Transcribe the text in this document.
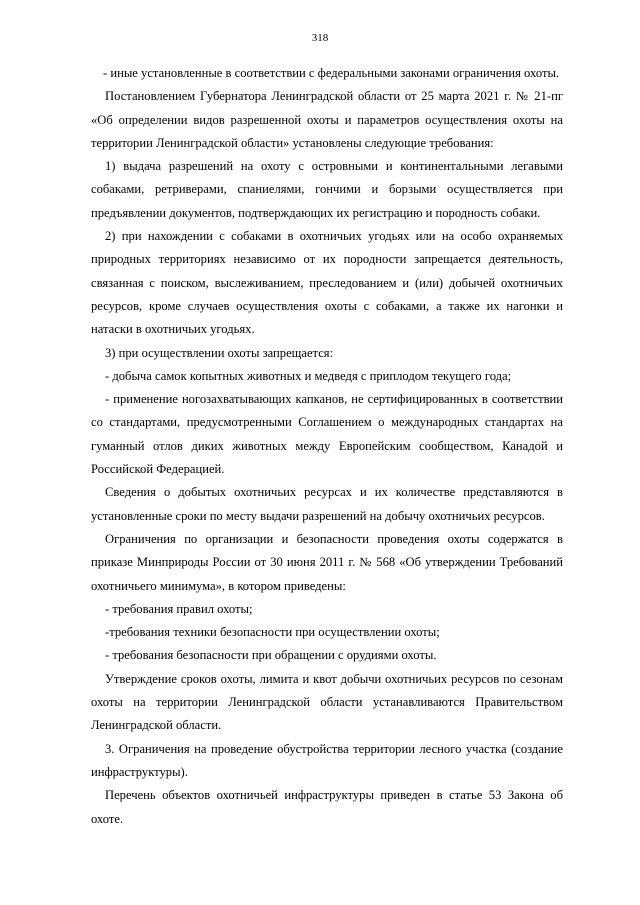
318

- иные установленные в соответствии с федеральными законами ограничения охоты.

Постановлением Губернатора Ленинградской области от 25 марта 2021 г. № 21-пг «Об определении видов разрешенной охоты и параметров осуществления охоты на территории Ленинградской области» установлены следующие требования:

1) выдача разрешений на охоту с островными и континентальными легавыми собаками, ретриверами, спаниелями, гончими и борзыми осуществляется при предъявлении документов, подтверждающих их регистрацию и породность собаки.

2) при нахождении с собаками в охотничьих угодьях или на особо охраняемых природных территориях независимо от их породности запрещается деятельность, связанная с поиском, выслеживанием, преследованием и (или) добычей охотничьих ресурсов, кроме случаев осуществления охоты с собаками, а также их нагонки и натаски в охотничьих угодьях.

3) при осуществлении охоты запрещается:

- добыча самок копытных животных и медведя с приплодом текущего года;

- применение ногозахватывающих капканов, не сертифицированных в соответствии со стандартами, предусмотренными Соглашением о международных стандартах на гуманный отлов диких животных между Европейским сообществом, Канадой и Российской Федерацией.

Сведения о добытых охотничьих ресурсах и их количестве представляются в установленные сроки по месту выдачи разрешений на добычу охотничьих ресурсов.

Ограничения по организации и безопасности проведения охоты содержатся в приказе Минприроды России от 30 июня 2011 г. № 568 «Об утверждении Требований охотничьего минимума», в котором приведены:

- требования правил охоты;

-требования техники безопасности при осуществлении охоты;

- требования безопасности при обращении с орудиями охоты.

Утверждение сроков охоты, лимита и квот добычи охотничьих ресурсов по сезонам охоты на территории Ленинградской области устанавливаются Правительством Ленинградской области.

3. Ограничения на проведение обустройства территории лесного участка (создание инфраструктуры).

Перечень объектов охотничьей инфраструктуры приведен в статье 53 Закона об охоте.
